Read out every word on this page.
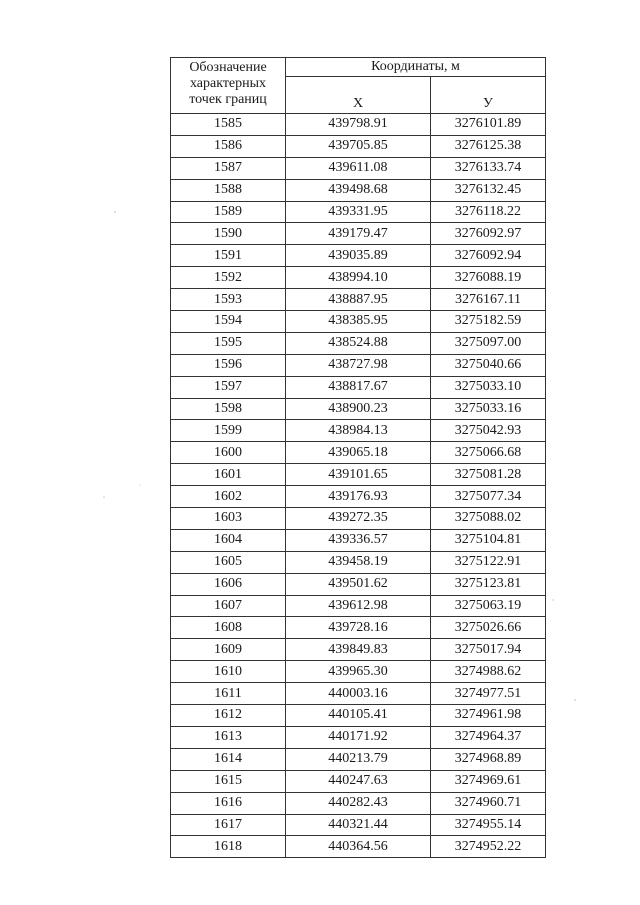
Обозначение
характерных
точек границ	Координаты, м	
	X	У
1585	439798.91	3276101.89
1586	439705.85	3276125.38
1587	439611.08	3276133.74
1588	439498.68	3276132.45
1589	439331.95	3276118.22
1590	439179.47	3276092.97
1591	439035.89	3276092.94
1592	438994.10	3276088.19
1593	438887.95	3276167.11
1594	438385.95	3275182.59
1595	438524.88	3275097.00
1596	438727.98	3275040.66
1597	438817.67	3275033.10
1598	438900.23	3275033.16
1599	438984.13	3275042.93
1600	439065.18	3275066.68
1601	439101.65	3275081.28
1602	439176.93	3275077.34
1603	439272.35	3275088.02
1604	439336.57	3275104.81
1605	439458.19	3275122.91
1606	439501.62	3275123.81
1607	439612.98	3275063.19
1608	439728.16	3275026.66
1609	439849.83	3275017.94
1610	439965.30	3274988.62
1611	440003.16	3274977.51
1612	440105.41	3274961.98
1613	440171.92	3274964.37
1614	440213.79	3274968.89
1615	440247.63	3274969.61
1616	440282.43	3274960.71
1617	440321.44	3274955.14
1618	440364.56	3274952.22
